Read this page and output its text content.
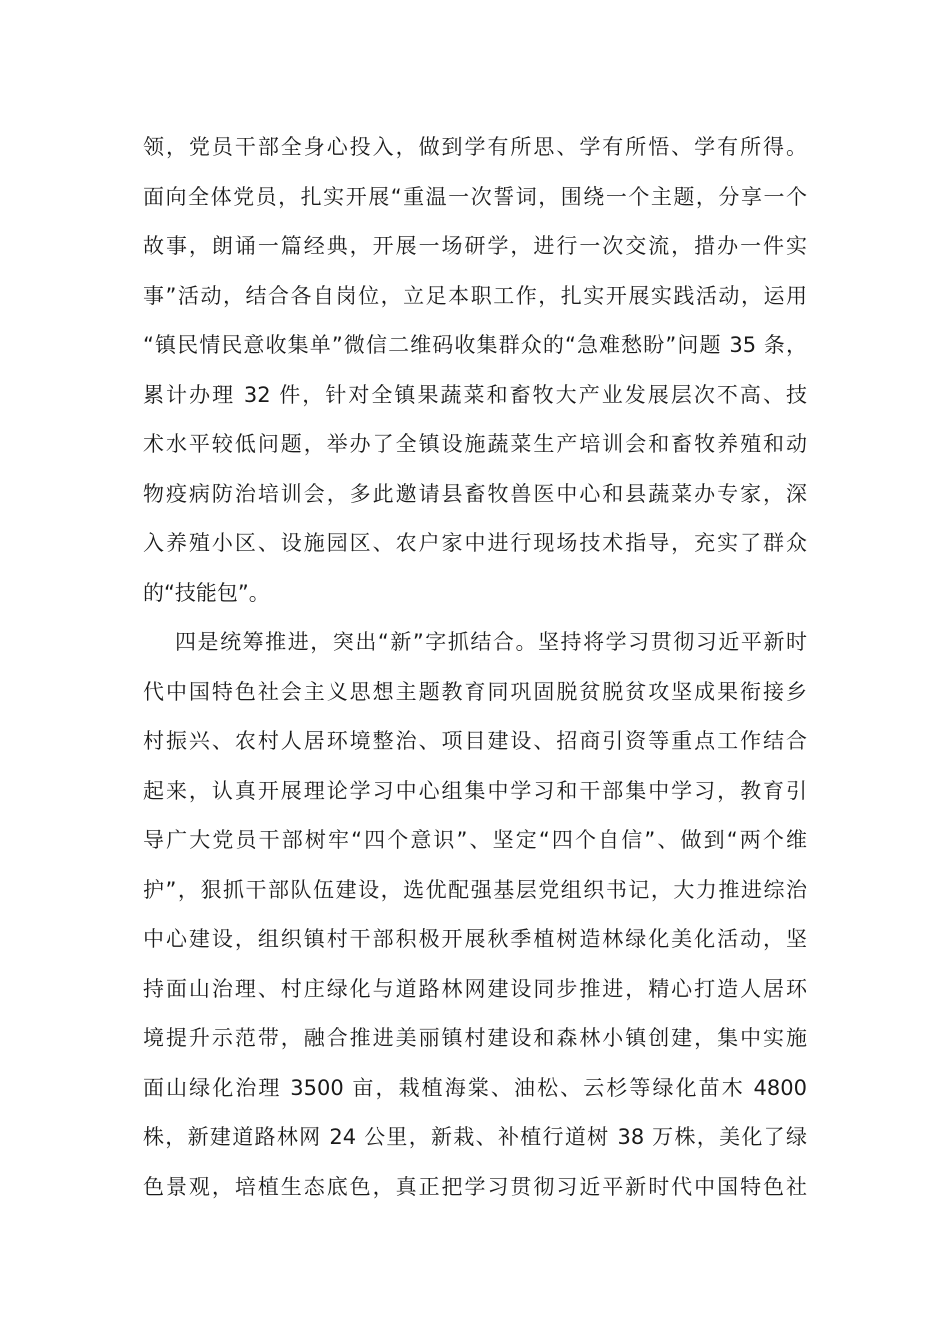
领，党员干部全身心投入，做到学有所思、学有所悟、学有所得。
面向全体党员，扎实开展“重温一次誓词，围绕一个主题，分享一个
故事，朗诵一篇经典，开展一场研学，进行一次交流，措办一件实
事”活动，结合各自岗位，立足本职工作，扎实开展实践活动，运用
“镇民情民意收集单”微信二维码收集群众的“急难愁盼”问题 35 条，
累计办理 32 件，针对全镇果蔬菜和畜牧大产业发展层次不高、技
术水平较低问题，举办了全镇设施蔬菜生产培训会和畜牧养殖和动
物疫病防治培训会，多此邀请县畜牧兽医中心和县蔬菜办专家，深
入养殖小区、设施园区、农户家中进行现场技术指导，充实了群众
的“技能包”。
四是统筹推进，突出“新”字抓结合。坚持将学习贯彻习近平新时
代中国特色社会主义思想主题教育同巩固脱贫脱贫攻坚成果衔接乡
村振兴、农村人居环境整治、项目建设、招商引资等重点工作结合
起来，认真开展理论学习中心组集中学习和干部集中学习，教育引
导广大党员干部树牢“四个意识”、坚定“四个自信”、做到“两个维
护”，狠抓干部队伍建设，选优配强基层党组织书记，大力推进综治
中心建设，组织镇村干部积极开展秋季植树造林绿化美化活动，坚
持面山治理、村庄绿化与道路林网建设同步推进，精心打造人居环
境提升示范带，融合推进美丽镇村建设和森林小镇创建，集中实施
面山绿化治理 3500 亩，栽植海棠、油松、云杉等绿化苗木 4800
株，新建道路林网 24 公里，新栽、补植行道树 38 万株，美化了绿
色景观，培植生态底色，真正把学习贯彻习近平新时代中国特色社
